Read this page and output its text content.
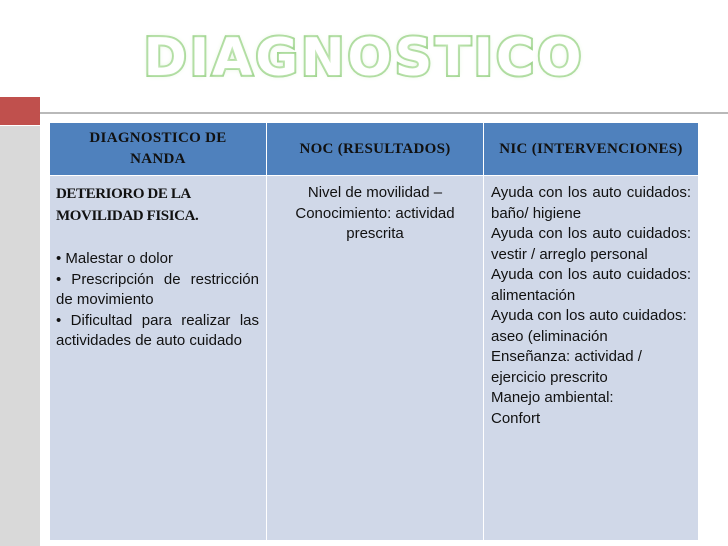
DIAGNOSTICO
DIAGNOSTICO DE NANDA
DETERIORO DE LA MOVILIDAD FISICA.
• Malestar o dolor
• Prescripción de restricción de movimiento
• Dificultad para realizar las actividades de auto cuidado
NOC (RESULTADOS)
Nivel de movilidad – Conocimiento: actividad prescrita
NIC (INTERVENCIONES)
Ayuda con los auto cuidados: baño/ higiene
Ayuda con los auto cuidados: vestir / arreglo personal
Ayuda con los auto cuidados: alimentación
Ayuda con los auto cuidados: aseo (eliminación
Enseñanza: actividad / ejercicio prescrito
Manejo ambiental: Confort
